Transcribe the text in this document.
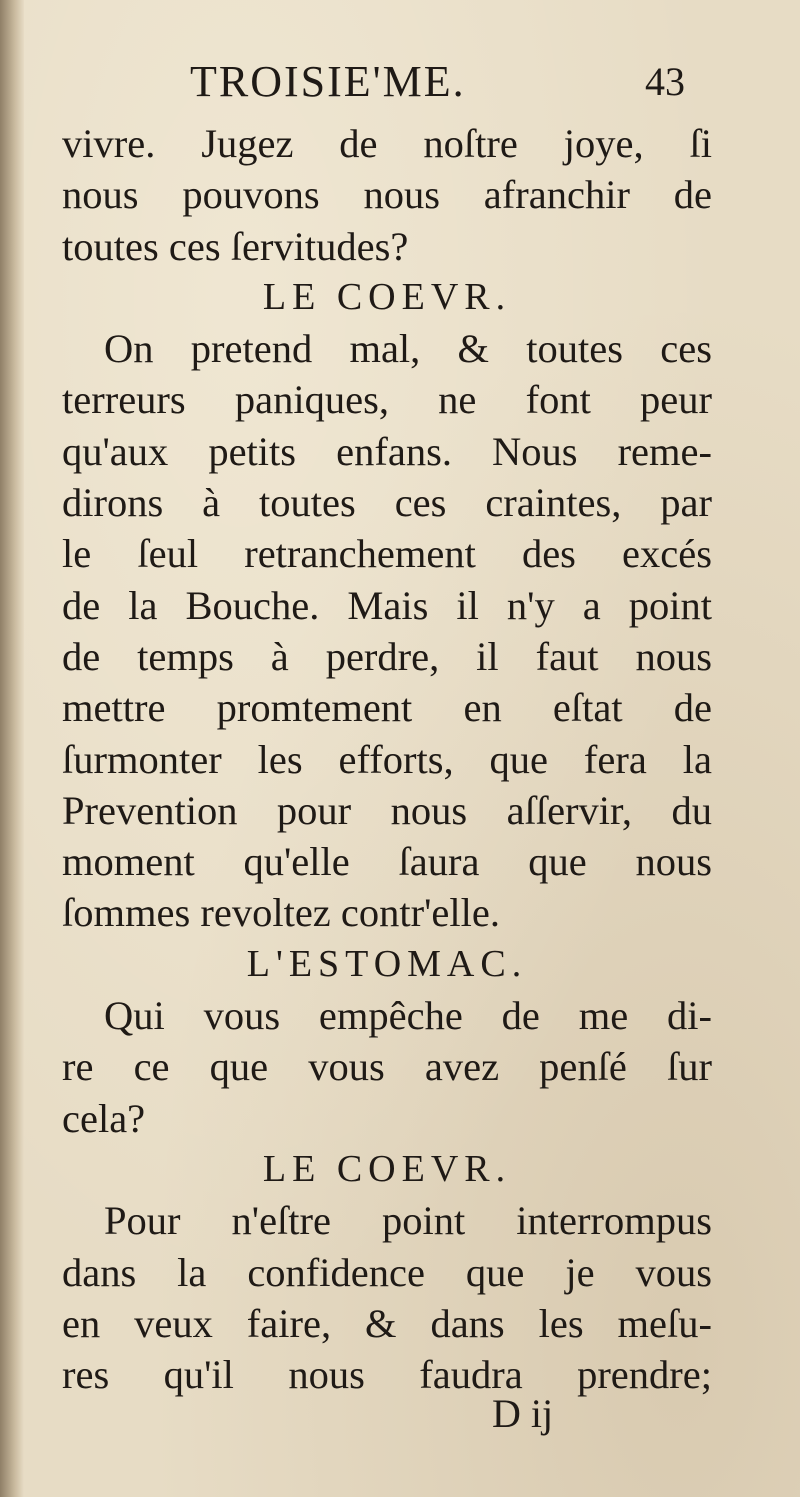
TROISIE'ME.	43
vivre. Jugez de noſtre joye, ſi
nous pouvons nous afranchir de
toutes ces ſervitudes?
LE COEVR.
On pretend mal, & toutes ces
terreurs paniques, ne font peur
qu'aux petits enfans. Nous reme-
dirons à toutes ces craintes, par
le ſeul retranchement des excés
de la Bouche. Mais il n'y a point
de temps à perdre, il faut nous
mettre promtement en eſtat de
ſurmonter les efforts, que fera la
Prevention pour nous aſſervir, du
moment qu'elle ſaura que nous
ſommes revoltez contr'elle.
L'ESTOMAC.
Qui vous empêche de me di-
re ce que vous avez penſé ſur
cela?
LE COEVR.
Pour n'eſtre point interrompus
dans la confidence que je vous
en veux faire, & dans les meſu-
res qu'il nous faudra prendre;
D ij
